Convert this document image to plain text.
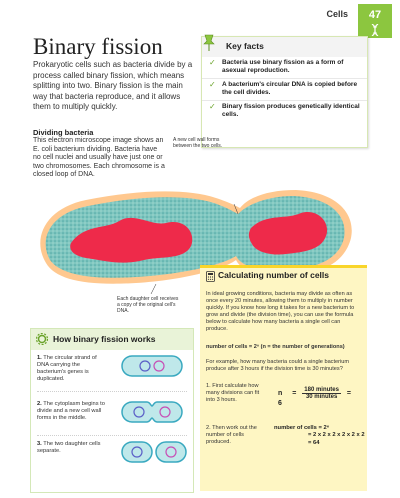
Cells	47
Binary fission

Prokaryotic cells such as bacteria divide by a process called binary fission, which means splitting into two. Binary fission is the main way that bacteria reproduce, and it allows them to multiply quickly.

Key facts
✓ Bacteria use binary fission as a form of asexual reproduction.
✓ A bacterium's circular DNA is copied before the cell divides.
✓ Binary fission produces genetically identical cells.
Dividing bacteria
This electron microscope image shows an E. coli bacterium dividing. Bacteria have no cell nuclei and usually have just one or two chromosomes. Each chromosome is a closed loop of DNA.
A new cell wall forms between the two cells.
Each daughter cell receives a copy of the original cell's DNA.
How binary fission works
1. The circular strand of DNA carrying the bacterium's genes is duplicated.
2. The cytoplasm begins to divide and a new cell wall forms in the middle.
3. The two daughter cells separate.
Calculating number of cells
In ideal growing conditions, bacteria may divide as often as once every 20 minutes, allowing them to multiply in number quickly. If you know how long it takes for a new bacterium to grow and divide (the division time), you can use the formula below to calculate how many bacteria a single cell can produce.
number of cells = 2ⁿ (n = the number of generations)
For example, how many bacteria could a single bacterium produce after 3 hours if the division time is 30 minutes?
1. First calculate how many divisions can fit into 3 hours.
$n = \frac{\text{180 minutes}}{\text{30 minutes}} = 6$
2. Then work out the number of cells produced.
number of cells = 2⁶
= 2 x 2 x 2 x 2 x 2 x 2
= 64
